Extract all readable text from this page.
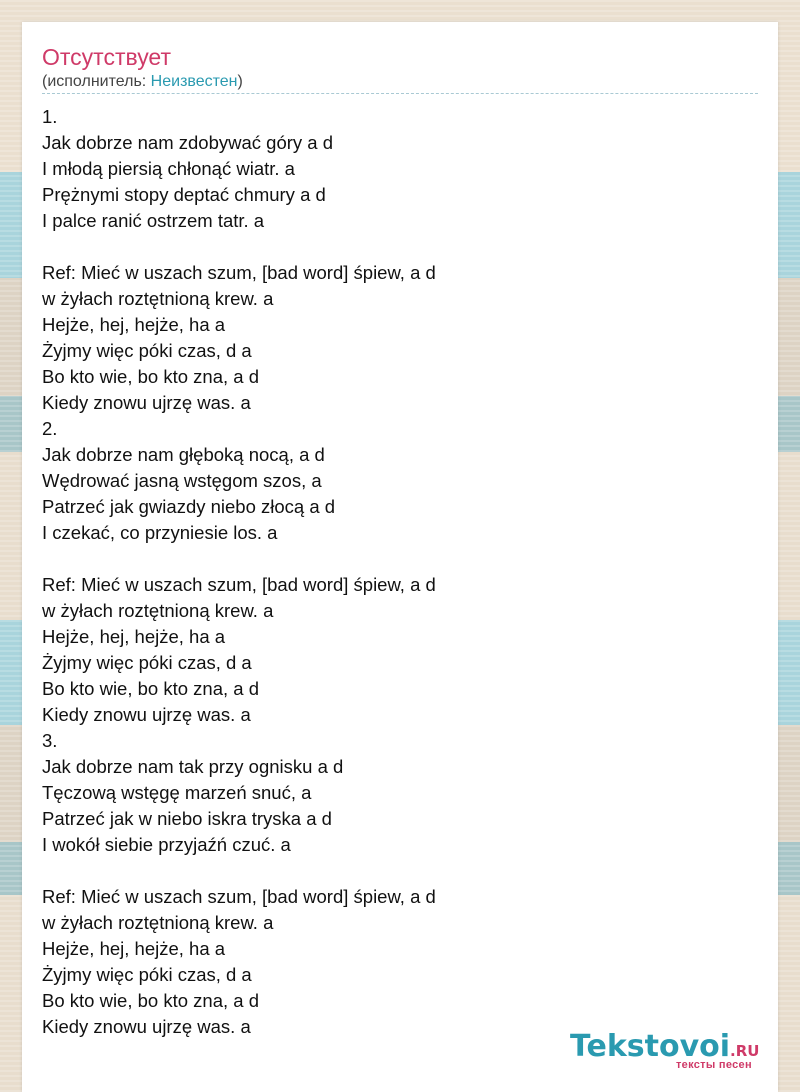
Отсутствует
(исполнитель: Неизвестен)
1.
Jak dobrze nam zdobywać góry a d
I młodą piersią chłonąć wiatr. a
Prężnymi stopy deptać chmury a d
I palce ranić ostrzem tatr. a
Ref: Mieć w uszach szum, [bad word] śpiew, a d
w żyłach roztętnioną krew. a
Hejże, hej, hejże, ha a
Żyjmy więc póki czas, d a
Bo kto wie, bo kto zna, a d
Kiedy znowu ujrzę was. a
2.
Jak dobrze nam głęboką nocą, a d
Wędrować jasną wstęgom szos, a
Patrzeć jak gwiazdy niebo złocą a d
I czekać, co przyniesie los. a
Ref: Mieć w uszach szum, [bad word] śpiew, a d
w żyłach roztętnioną krew. a
Hejże, hej, hejże, ha a
Żyjmy więc póki czas, d a
Bo kto wie, bo kto zna, a d
Kiedy znowu ujrzę was. a
3.
Jak dobrze nam tak przy ognisku a d
Tęczową wstęgę marzeń snuć, a
Patrzeć jak w niebo iskra tryska a d
I wokół siebie przyjaźń czuć. a
Ref: Mieć w uszach szum, [bad word] śpiew, a d
w żyłach roztętnioną krew. a
Hejże, hej, hejże, ha a
Żyjmy więc póki czas, d a
Bo kto wie, bo kto zna, a d
Kiedy znowu ujrzę was. a
Tekstovoi.RU
тексты песен
